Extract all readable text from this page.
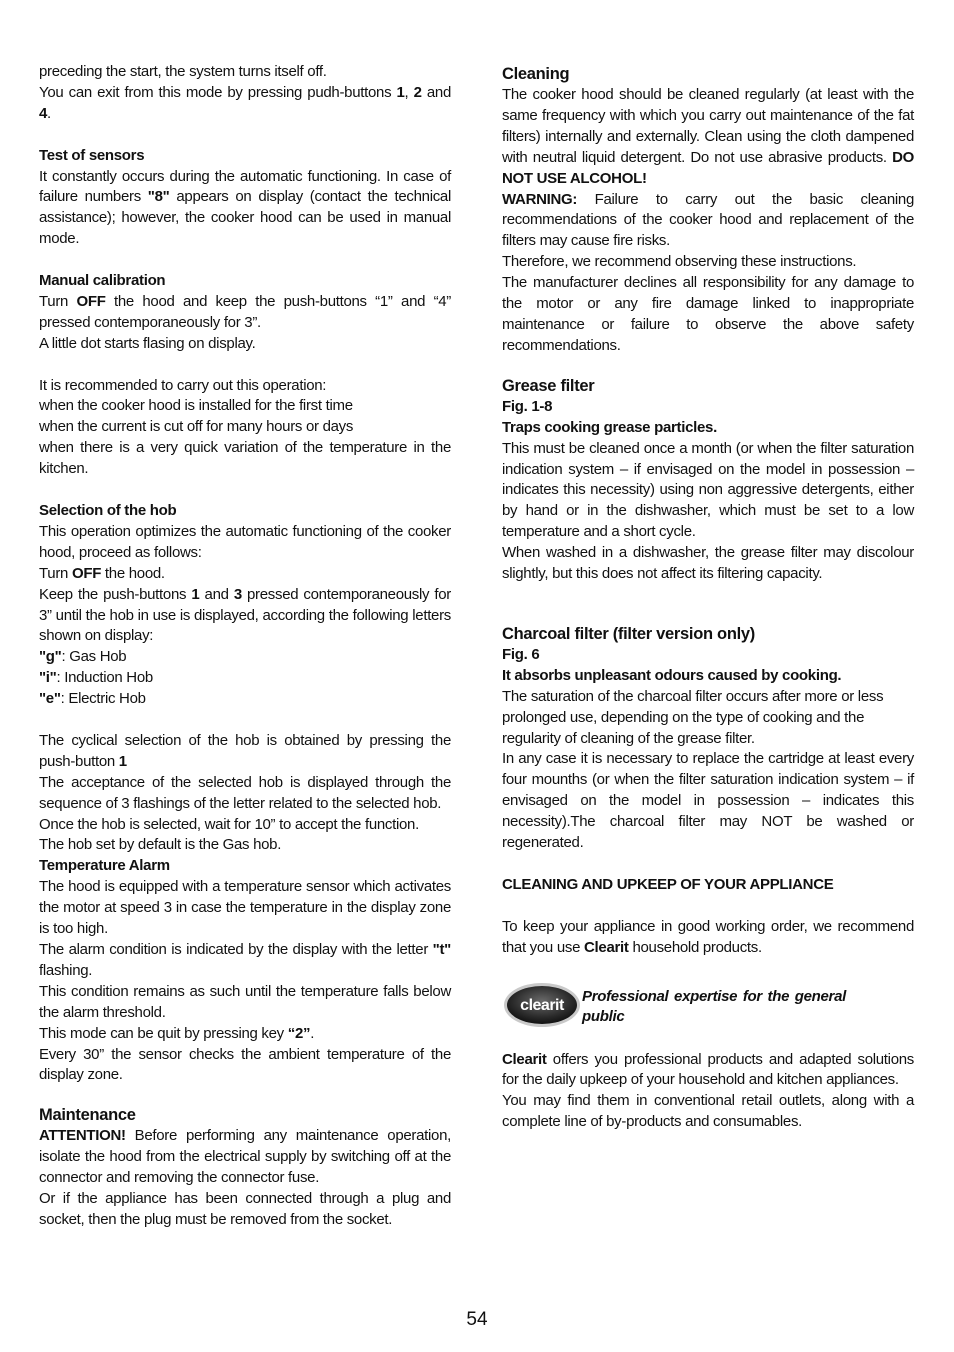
preceding the start, the system turns itself off.

You can exit from this mode by pressing pudh-buttons 1, 2 and 4.

Test of sensors

It constantly occurs during the automatic functioning. In case of failure numbers "8" appears on display (contact the technical assistance); however, the cooker hood can be used in manual mode.

Manual calibration

Turn OFF the hood and keep the push-buttons “1” and “4” pressed contemporaneously for 3”.

A little dot starts flasing on display.

It is recommended to carry out this operation:

when the cooker hood is installed for the first time

when the current is cut off for many hours or days

when there is a very quick variation of the temperature in the kitchen.

Selection of the hob

This operation optimizes the automatic functioning of the cooker hood, proceed as follows:

Turn OFF the hood.

Keep the push-buttons 1 and 3 pressed contemporaneously for 3” until the hob in use is displayed, according the following letters shown on display:

"g": Gas Hob

"i": Induction Hob

"e": Electric Hob

The cyclical selection of the hob is obtained by pressing the push-button 1

The acceptance of the selected hob is displayed through the sequence of 3 flashings of the letter related to the selected hob.

Once the hob is selected, wait for 10” to accept the function.

The hob set by default is the Gas hob.

Temperature Alarm

The hood is equipped with a temperature sensor which activates the motor at speed 3 in case the temperature in the display zone is too high.

The alarm condition is indicated by the display with the letter "t" flashing.

This condition remains as such until the temperature falls below the alarm threshold.

This mode can be quit by pressing key “2”.

Every 30” the sensor checks the ambient temperature of the display zone.

Maintenance

ATTENTION! Before performing any maintenance operation, isolate the hood from the electrical supply by switching off at the connector and removing the connector fuse.

Or if the appliance has been connected through a plug and socket, then the plug must be removed from the socket.

Cleaning

The cooker hood should be cleaned regularly (at least with the same frequency with which you carry out maintenance of the fat filters) internally and externally. Clean using the cloth dampened with neutral liquid detergent. Do not use abrasive products. DO NOT USE ALCOHOL!

WARNING: Failure to carry out the basic cleaning recommendations of the cooker hood and replacement of the filters may cause fire risks.

Therefore, we recommend observing these instructions.

The manufacturer declines all responsibility for any damage to the motor or any fire damage linked to inappropriate maintenance or failure to observe the above safety recommendations.

Grease filter

Fig. 1-8

Traps cooking grease particles.

This must be cleaned once a month (or when the filter saturation indication system – if envisaged on the model in possession – indicates this necessity) using non aggressive detergents, either by hand or in the dishwasher, which must be set to a low temperature and a short cycle.

When washed in a dishwasher, the grease filter may discolour slightly, but this does not affect its filtering capacity.

Charcoal filter (filter version only)

Fig. 6

It absorbs unpleasant odours caused by cooking.

The saturation of the charcoal filter occurs after more or less prolonged use, depending on the type of cooking and the regularity of cleaning of the grease filter.

In any case it is necessary to replace the cartridge at least every four mounths (or when the filter saturation indication system – if envisaged on the model in possession – indicates this necessity).The charcoal filter may NOT be washed or regenerated.

CLEANING AND UPKEEP OF YOUR APPLIANCE

To keep your appliance in good working order, we recommend that you use Clearit household products.

clearit

Professional expertise for the general public

Clearit offers you professional products and adapted solutions for the daily upkeep of your household and kitchen appliances.

You may find them in conventional retail outlets, along with a complete line of by-products and consumables.

54
